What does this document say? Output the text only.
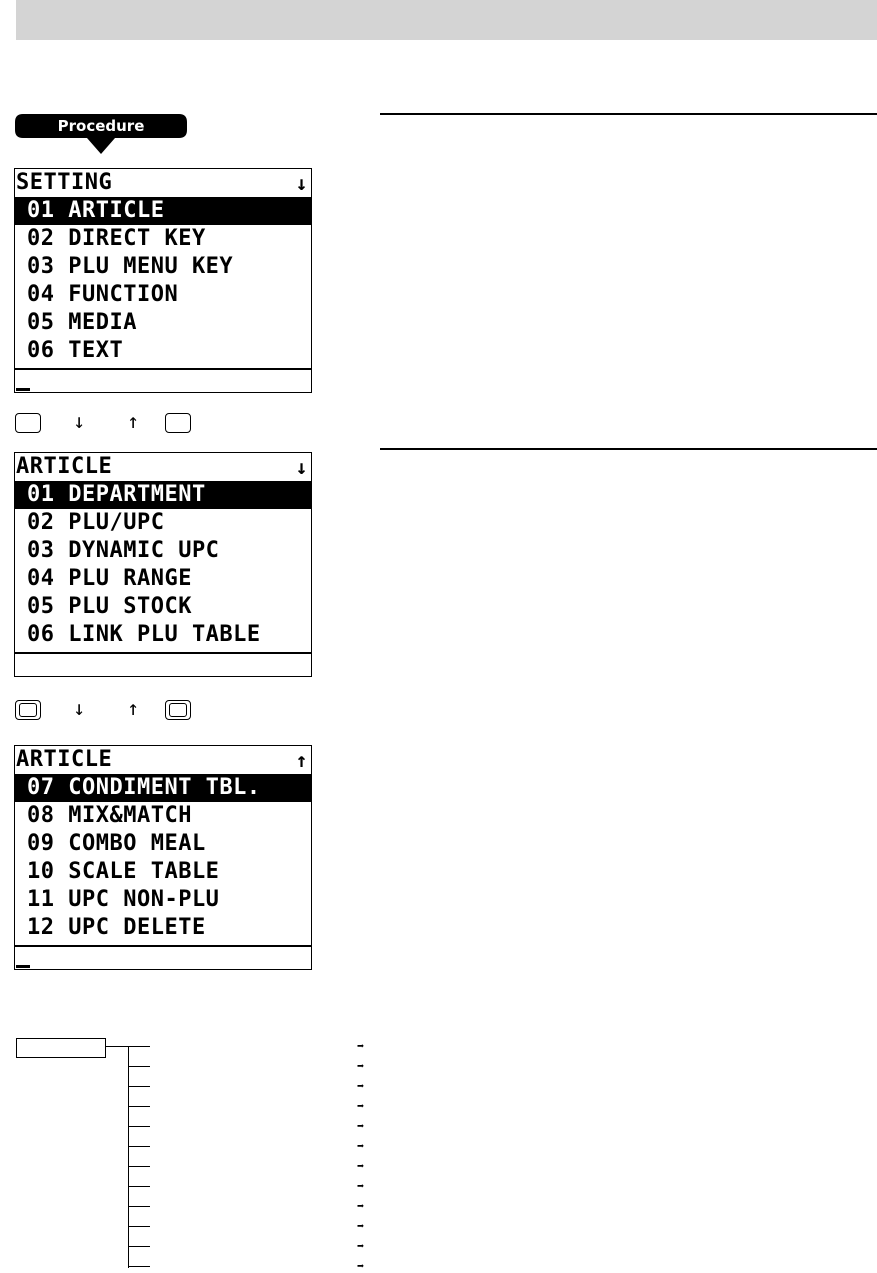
Procedure
SETTING	↓
01 ARTICLE
02 DIRECT KEY
03 PLU MENU KEY
04 FUNCTION
05 MEDIA
06 TEXT
↓ ↑
ARTICLE	↓
01 DEPARTMENT
02 PLU/UPC
03 DYNAMIC UPC
04 PLU RANGE
05 PLU STOCK
06 LINK PLU TABLE
↓ ↑
ARTICLE	↑
07 CONDIMENT TBL.
08 MIX&MATCH
09 COMBO MEAL
10 SCALE TABLE
11 UPC NON-PLU
12 UPC DELETE
➡
➡
➡
➡
➡
➡
➡
➡
➡
➡
➡
➡
